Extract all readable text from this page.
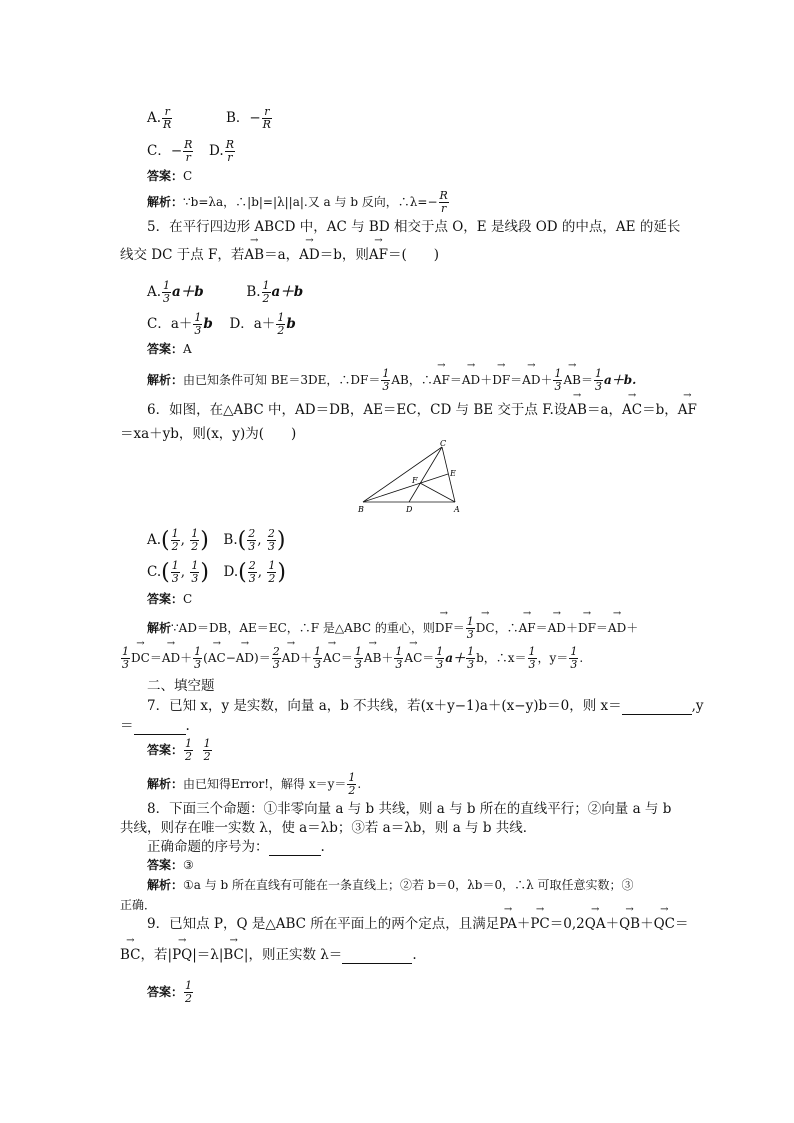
A. $\frac{r}{R}$	B．− $\frac{r}{R}$
C．− $\frac{R}{r} D$. $\frac{R}{r}$
答案：C
解析：∵b=λa，∴|b|=|λ||a|.又 a 与 b 反向，∴λ=− $\frac{R}{r}$
5．在平行四边形 ABCD 中，AC 与 BD 相交于点 O，E 是线段 OD 的中点，AE 的延长
线交 DC 于点 F，若→ AB＝a，→ AD＝b，则→ AF＝(　　)
A. $\frac{1}{3} a+b$	B. $\frac{1}{2} a+b$
C．$a+ \frac{1}{3}$ b D．$a+ \frac{1}{2}$ b
答案：A
解析：由已知条件可知 BE＝3DE，∴DF＝ $\frac{1}{3}$ AB，∴→ $AF=\to AD+\to DF=\to AD+ \frac{1}{3}$
→ $AB= \frac{1}{3} a+b$.
6．如图，在△ABC 中，AD＝DB，AE＝EC，CD 与 BE 交于点 F.设→ AB＝a，→ AC＝b，→ AF
＝xa＋yb，则(x，y)为(　　)
C
E
F
B	D	A
$A.( \frac{1}{2}$ , $\frac{1}{2}$ ) $B.( \frac{2}{3}$ , $\frac{2}{3}$ )
$C.( \frac{1}{3}$ , $\frac{1}{3}$ ) $D.( \frac{2}{3}$ , $\frac{1}{2}$ )
答案：C
解析∵AD＝DB，AE＝EC，∴F 是△ABC 的重心，则→ $DF= \frac{1}{3}$
→ DC，∴→ AF＝→ AD＋→ DF＝→ AD＋
$\frac{1}{3}$
→ $DC=\to AD+ \frac{1}{3}$ (→ $AC-\to AD)= \frac{2}{3}$
→ $AD+ \frac{1}{3}$
→ $AC= \frac{1}{3}$
→ $AB+ \frac{1}{3}$
→ $AC= \frac{1}{3} a+ \frac{1}{3}$ b，∴x＝ $\frac{1}{3}$ ，$y= \frac{1}{3}$ .
二、填空题
7．已知 x，y 是实数，向量 a，b 不共线，若(x＋y−1)a＋(x−y)b＝0，则 x＝	,y
＝	.
答案： $\frac{1}{2}$
$\frac{1}{2}$
解析：由已知得Error!，解得 $x=y= \frac{1}{2}$ .
8．下面三个命题：①非零向量 a 与 b 共线，则 a 与 b 所在的直线平行；②向量 a 与 b
共线，则存在唯一实数 λ，使 a＝λb；③若 a＝λb，则 a 与 b 共线．
正确命题的序号为：	.
答案：③
解析：①a 与 b 所在直线有可能在一条直线上；②若 b＝0，λb＝0，∴λ 可取任意实数；③
正确．
9．已知点 P，Q 是△ABC 所在平面上的两个定点，且满足→ PA＋→ PC＝0,2→ QA＋→ QB＋→ QC＝
→ BC，若|→ PQ|＝λ|→ BC|，则正实数 λ＝	.
答案： $\frac{1}{2}$
